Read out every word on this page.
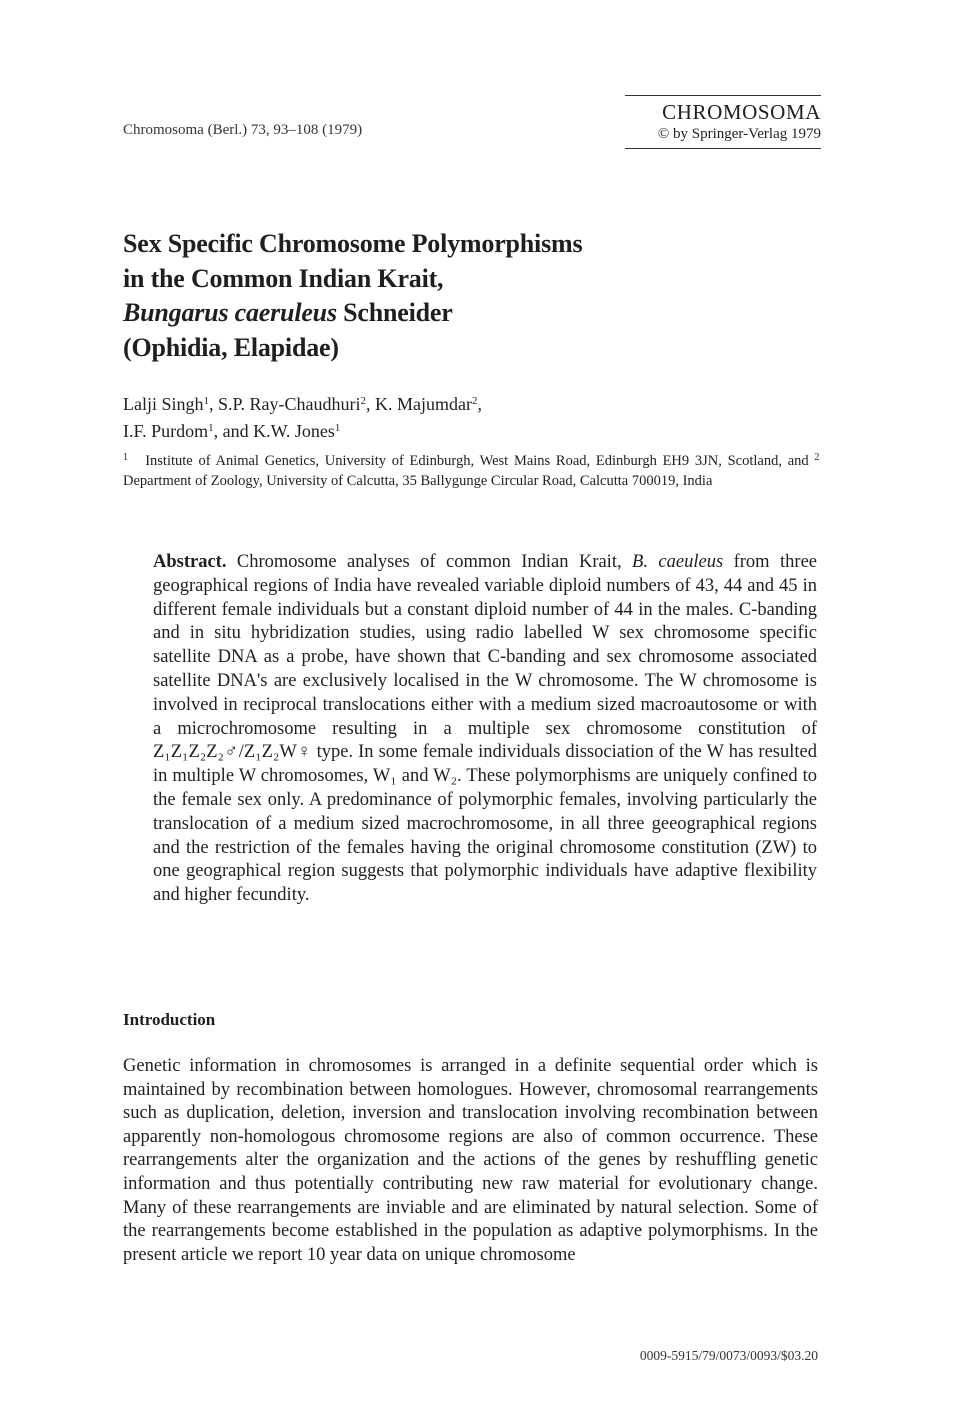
Chromosoma (Berl.) 73, 93–108 (1979)
CHROMOSOMA
© by Springer-Verlag 1979
Sex Specific Chromosome Polymorphisms
in the Common Indian Krait,
Bungarus caeruleus Schneider
(Ophidia, Elapidae)
Lalji Singh$^1$, S.P. Ray-Chaudhuri$^2$, K. Majumdar$^2$,
I.F. Purdom$^1$, and K.W. Jones$^1$
$^1$ Institute of Animal Genetics, University of Edinburgh, West Mains Road, Edinburgh EH9 3JN, Scotland, and $^2$  Department of Zoology, University of Calcutta, 35 Ballygunge Circular Road, Calcutta 700019, India
Abstract. Chromosome analyses of common Indian Krait, B. caeuleus from three geographical regions of India have revealed variable diploid numbers of 43, 44 and 45 in different female individuals but a constant diploid number of 44 in the males. C-banding and in situ hybridization studies, using radio labelled W sex chromosome specific satellite DNA as a probe, have shown that C-banding and sex chromosome associated satellite DNA's are exclusively localised in the W chromosome. The W chromosome is involved in reciprocal translocations either with a medium sized macroautosome or with a microchromosome resulting in a multiple sex chromosome constitution of Z₁Z₁Z₂Z₂♂/Z₁Z₂W♀ type. In some female individuals dissociation of the W has resulted in multiple W chromosomes, W₁ and W₂. These polymorphisms are uniquely confined to the female sex only. A predominance of polymorphic females, involving particularly the translocation of a medium sized macrochromosome, in all three geeographical regions and the restriction of the females having the original chromosome constitution (ZW) to one geographical region suggests that polymorphic individuals have adaptive flexibility and higher fecundity.
Introduction
Genetic information in chromosomes is arranged in a definite sequential order which is maintained by recombination between homologues. However, chromosomal rearrangements such as duplication, deletion, inversion and translocation involving recombination between apparently non-homologous chromosome regions are also of common occurrence. These rearrangements alter the organization and the actions of the genes by reshuffling genetic information and thus potentially contributing new raw material for evolutionary change. Many of these rearrangements are inviable and are eliminated by natural selection. Some of the rearrangements become established in the population as adaptive polymorphisms. In the present article we report 10 year data on unique chromosome
0009-5915/79/0073/0093/$03.20
